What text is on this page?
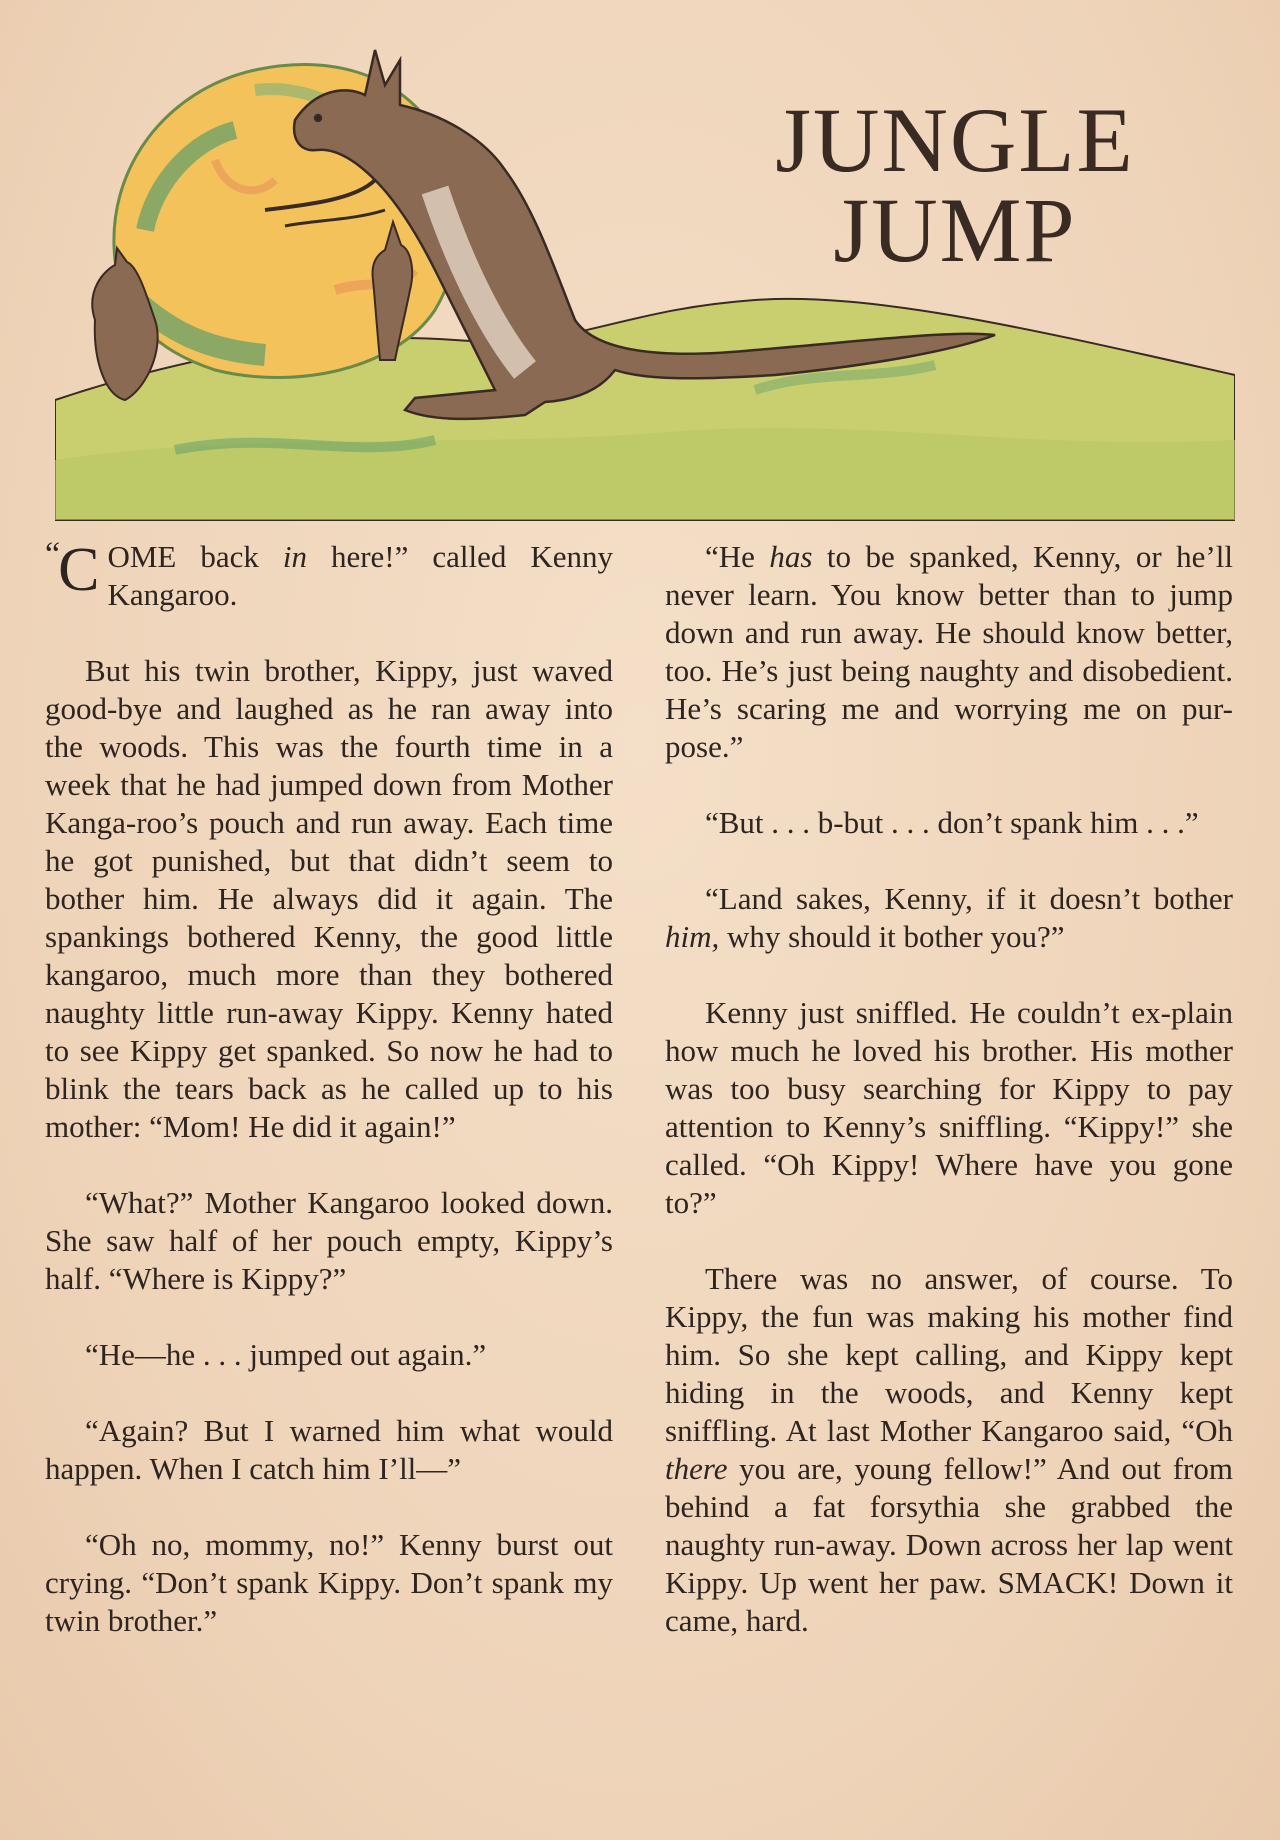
JUNGLE
JUMP

“
C OME back in here!” called Kenny Kangaroo.

But his twin brother, Kippy, just waved good-bye and laughed as he ran away into the woods. This was the fourth time in a week that he had jumped down from Mother Kanga-roo’s pouch and run away. Each time he got punished, but that didn’t seem to bother him. He always did it again. The spankings bothered Kenny, the good little kangaroo, much more than they bothered naughty little run-away Kippy. Kenny hated to see Kippy get spanked. So now he had to blink the tears back as he called up to his mother: “Mom! He did it again!”

“What?” Mother Kangaroo looked down. She saw half of her pouch empty, Kippy’s half. “Where is Kippy?”

“He—he . . . jumped out again.”

“Again? But I warned him what would happen. When I catch him I’ll—”

“Oh no, mommy, no!” Kenny burst out crying. “Don’t spank Kippy. Don’t spank my twin brother.”

“He has to be spanked, Kenny, or he’ll never learn. You know better than to jump down and run away. He should know better, too. He’s just being naughty and disobedient. He’s scaring me and worrying me on pur-pose.”

“But . . . b-but . . . don’t spank him . . .”

“Land sakes, Kenny, if it doesn’t bother him, why should it bother you?”

Kenny just sniffled. He couldn’t ex-plain how much he loved his brother. His mother was too busy searching for Kippy to pay attention to Kenny’s sniffling. “Kippy!” she called. “Oh Kippy! Where have you gone to?”

There was no answer, of course. To Kippy, the fun was making his mother find him. So she kept calling, and Kippy kept hiding in the woods, and Kenny kept sniffling. At last Mother Kangaroo said, “Oh there you are, young fellow!” And out from behind a fat forsythia she grabbed the naughty run-away. Down across her lap went Kippy. Up went her paw. SMACK! Down it came, hard.
